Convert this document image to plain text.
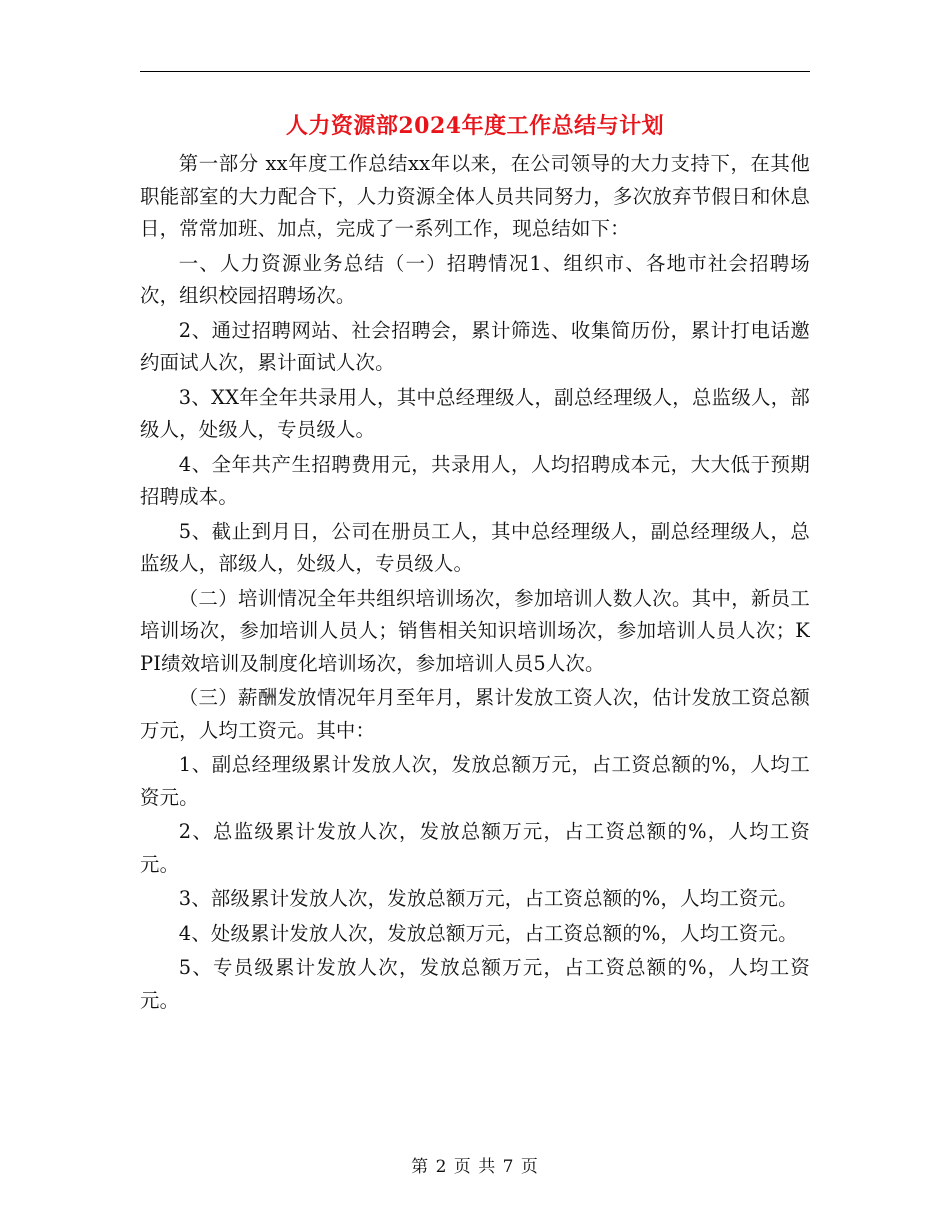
人力资源部2024年度工作总结与计划

第一部分 xx年度工作总结xx年以来，在公司领导的大力支持下，在其他职能部室的大力配合下，人力资源全体人员共同努力，多次放弃节假日和休息日，常常加班、加点，完成了一系列工作，现总结如下：

一、人力资源业务总结（一）招聘情况1、组织市、各地市社会招聘场次，组织校园招聘场次。

2、通过招聘网站、社会招聘会，累计筛选、收集简历份，累计打电话邀约面试人次，累计面试人次。

3、XX年全年共录用人，其中总经理级人，副总经理级人，总监级人，部级人，处级人，专员级人。

4、全年共产生招聘费用元，共录用人，人均招聘成本元，大大低于预期招聘成本。

5、截止到月日，公司在册员工人，其中总经理级人，副总经理级人，总监级人，部级人，处级人，专员级人。

（二）培训情况全年共组织培训场次，参加培训人数人次。其中，新员工培训场次，参加培训人员人；销售相关知识培训场次，参加培训人员人次；KPI绩效培训及制度化培训场次，参加培训人员5人次。

（三）薪酬发放情况年月至年月，累计发放工资人次，估计发放工资总额万元，人均工资元。其中：

1、副总经理级累计发放人次，发放总额万元，占工资总额的%，人均工资元。

2、总监级累计发放人次，发放总额万元，占工资总额的%，人均工资元。

3、部级累计发放人次，发放总额万元，占工资总额的%，人均工资元。

4、处级累计发放人次，发放总额万元，占工资总额的%，人均工资元。

5、专员级累计发放人次，发放总额万元，占工资总额的%，人均工资元。

第 2 页 共 7 页
